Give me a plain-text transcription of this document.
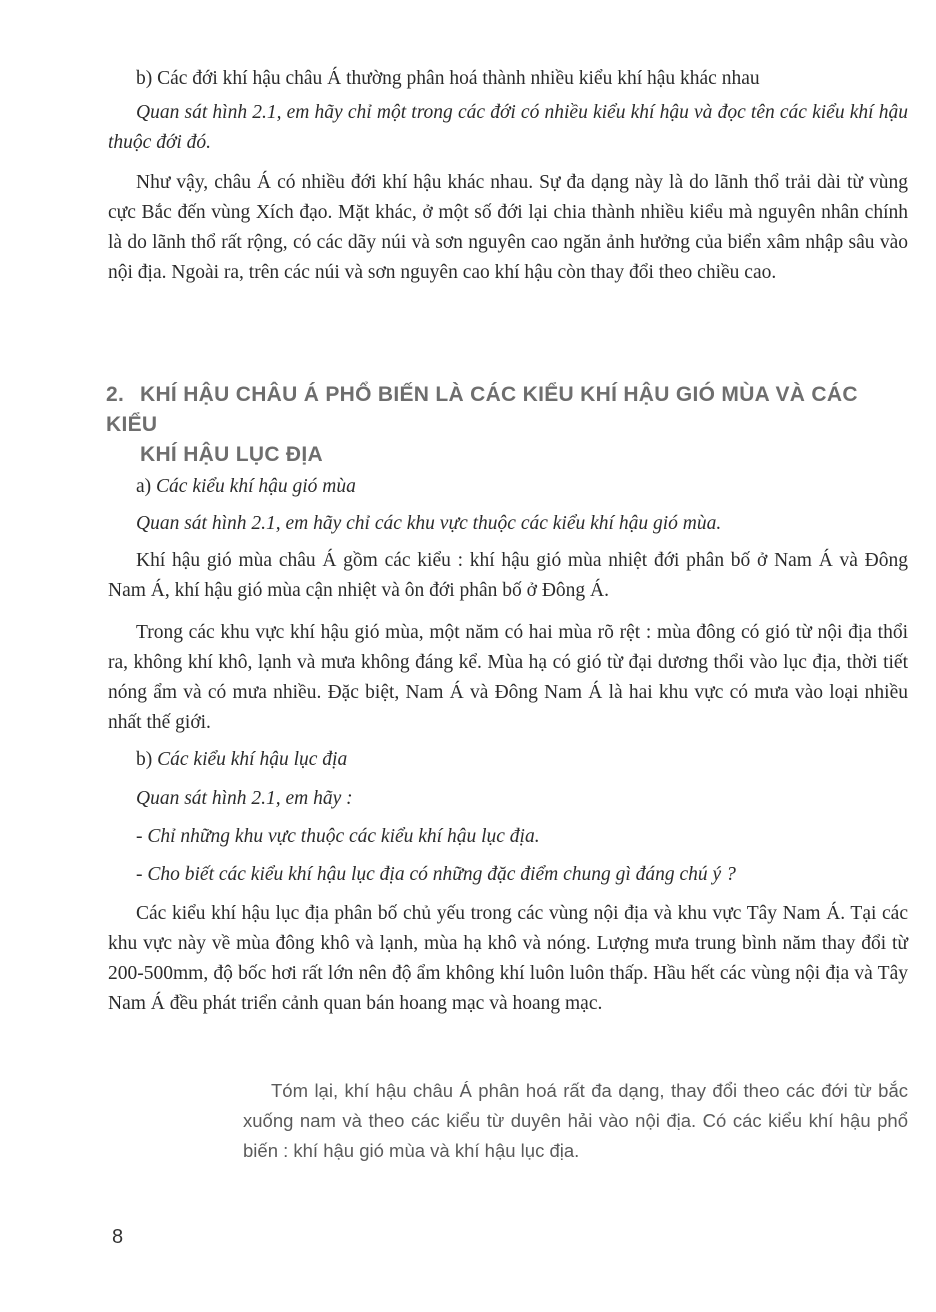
b) Các đới khí hậu châu Á thường phân hoá thành nhiều kiểu khí hậu khác nhau

Quan sát hình 2.1, em hãy chỉ một trong các đới có nhiều kiểu khí hậu và đọc tên các kiểu khí hậu thuộc đới đó.

Như vậy, châu Á có nhiều đới khí hậu khác nhau. Sự đa dạng này là do lãnh thổ trải dài từ vùng cực Bắc đến vùng Xích đạo. Mặt khác, ở một số đới lại chia thành nhiều kiểu mà nguyên nhân chính là do lãnh thổ rất rộng, có các dãy núi và sơn nguyên cao ngăn ảnh hưởng của biển xâm nhập sâu vào nội địa. Ngoài ra, trên các núi và sơn nguyên cao khí hậu còn thay đổi theo chiều cao.

2. KHÍ HẬU CHÂU Á PHỔ BIẾN LÀ CÁC KIỂU KHÍ HẬU GIÓ MÙA VÀ CÁC KIỂU
KHÍ HẬU LỤC ĐỊA

a) Các kiểu khí hậu gió mùa

Quan sát hình 2.1, em hãy chỉ các khu vực thuộc các kiểu khí hậu gió mùa.

Khí hậu gió mùa châu Á gồm các kiểu : khí hậu gió mùa nhiệt đới phân bố ở Nam Á và Đông Nam Á, khí hậu gió mùa cận nhiệt và ôn đới phân bố ở Đông Á.

Trong các khu vực khí hậu gió mùa, một năm có hai mùa rõ rệt : mùa đông có gió từ nội địa thổi ra, không khí khô, lạnh và mưa không đáng kể. Mùa hạ có gió từ đại dương thổi vào lục địa, thời tiết nóng ẩm và có mưa nhiều. Đặc biệt, Nam Á và Đông Nam Á là hai khu vực có mưa vào loại nhiều nhất thế giới.

b) Các kiểu khí hậu lục địa

Quan sát hình 2.1, em hãy :

- Chỉ những khu vực thuộc các kiểu khí hậu lục địa.

- Cho biết các kiểu khí hậu lục địa có những đặc điểm chung gì đáng chú ý ?

Các kiểu khí hậu lục địa phân bố chủ yếu trong các vùng nội địa và khu vực Tây Nam Á. Tại các khu vực này về mùa đông khô và lạnh, mùa hạ khô và nóng. Lượng mưa trung bình năm thay đổi từ 200-500mm, độ bốc hơi rất lớn nên độ ẩm không khí luôn luôn thấp. Hầu hết các vùng nội địa và Tây Nam Á đều phát triển cảnh quan bán hoang mạc và hoang mạc.

Tóm lại, khí hậu châu Á phân hoá rất đa dạng, thay đổi theo các đới từ bắc xuống nam và theo các kiểu từ duyên hải vào nội địa. Có các kiểu khí hậu phổ biến : khí hậu gió mùa và khí hậu lục địa.

8
